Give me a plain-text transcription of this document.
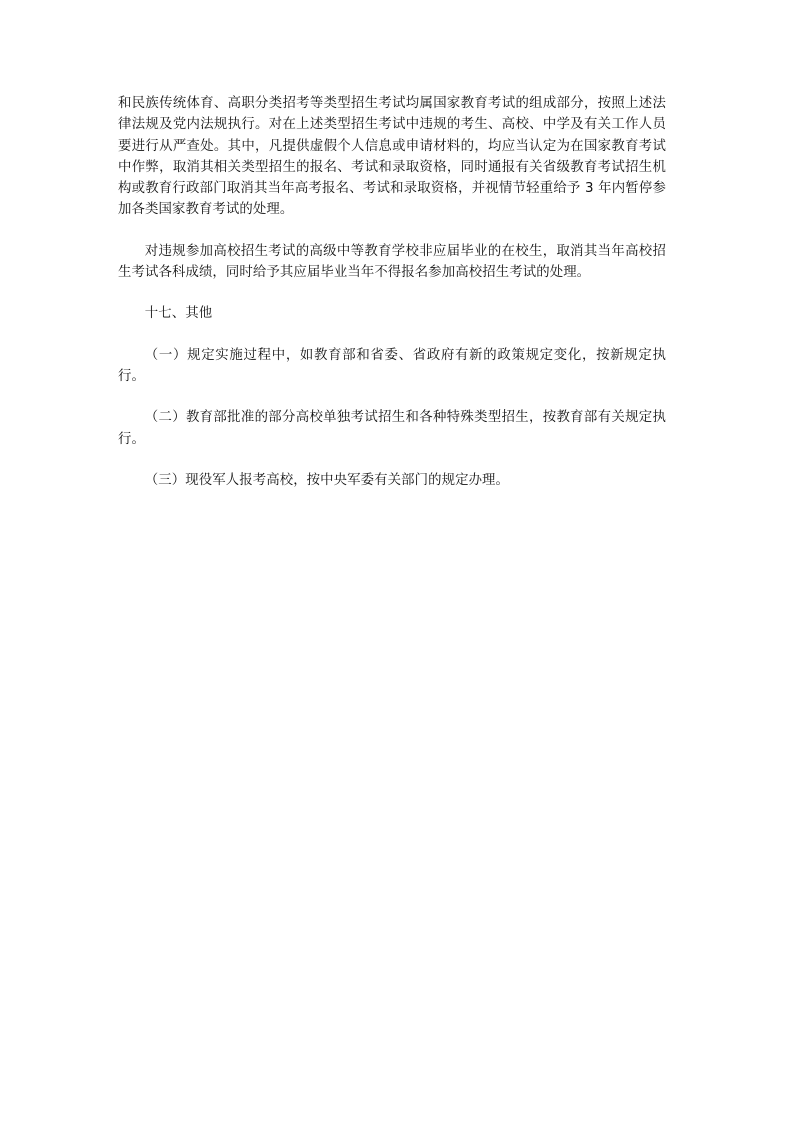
和民族传统体育、高职分类招考等类型招生考试均属国家教育考试的组成部分，按照上述法律法规及党内法规执行。对在上述类型招生考试中违规的考生、高校、中学及有关工作人员要进行从严查处。其中，凡提供虚假个人信息或申请材料的，均应当认定为在国家教育考试中作弊，取消其相关类型招生的报名、考试和录取资格，同时通报有关省级教育考试招生机构或教育行政部门取消其当年高考报名、考试和录取资格，并视情节轻重给予 3 年内暂停参加各类国家教育考试的处理。

对违规参加高校招生考试的高级中等教育学校非应届毕业的在校生，取消其当年高校招生考试各科成绩，同时给予其应届毕业当年不得报名参加高校招生考试的处理。

十七、其他

（一）规定实施过程中，如教育部和省委、省政府有新的政策规定变化，按新规定执行。

（二）教育部批准的部分高校单独考试招生和各种特殊类型招生，按教育部有关规定执行。

（三）现役军人报考高校，按中央军委有关部门的规定办理。
